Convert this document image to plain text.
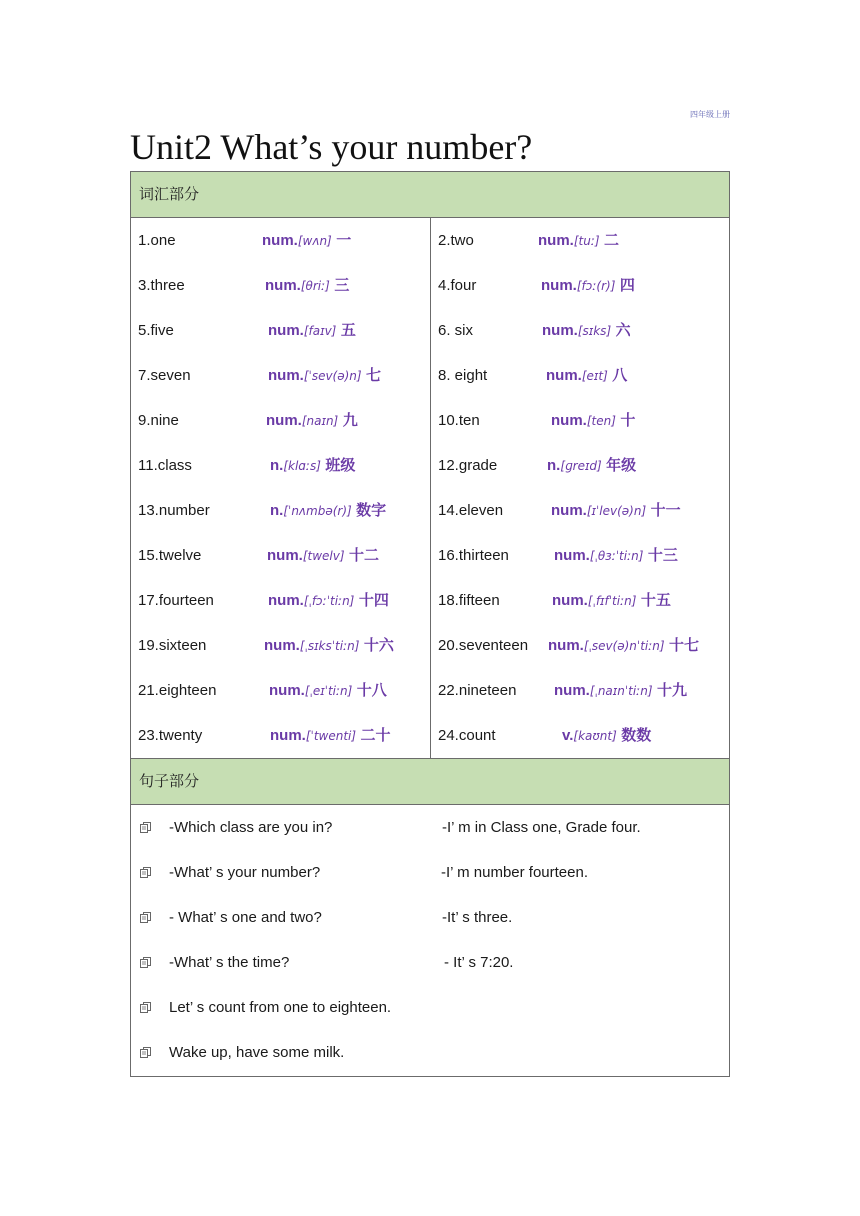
四年级上册
Unit2 What’s your number?
词汇部分
1.one	num.[wʌn] 一	2.two	num.[tuː] 二
3.three	num.[θriː] 三	4.four	num.[fɔː(r)] 四
5.five	num.[faɪv] 五	6. six	num.[sɪks] 六
7.seven	num.[ˈsev(ə)n] 七	8. eight	num.[eɪt] 八
9.nine	num.[naɪn] 九	10.ten	num.[ten] 十
11.class	n.[klɑːs] 班级	12.grade	n.[ɡreɪd] 年级
13.number	n.[ˈnʌmbə(r)] 数字	14.eleven	num.[ɪˈlev(ə)n] 十一
15.twelve	num.[twelv] 十二	16.thirteen	num.[ˌθɜːˈtiːn] 十三
17.fourteen	num.[ˌfɔːˈtiːn] 十四	18.fifteen	num.[ˌfɪfˈtiːn] 十五
19.sixteen	num.[ˌsɪksˈtiːn] 十六	20.seventeen num.[ˌsev(ə)nˈtiːn] 十七
21.eighteen	num.[ˌeɪˈtiːn] 十八	22.nineteen	num.[ˌnaɪnˈtiːn] 十九
23.twenty	num.[ˈtwenti] 二十	24.count	v.[kaʊnt] 数数
句子部分
-Which class are you in?	-I’ m in Class one, Grade four.
-What’ s your number?	-I’ m number fourteen.
- What’ s one and two?	-It’ s three.
-What’ s the time?	- It’ s 7:20.
Let’ s count from one to eighteen.
Wake up, have some milk.
